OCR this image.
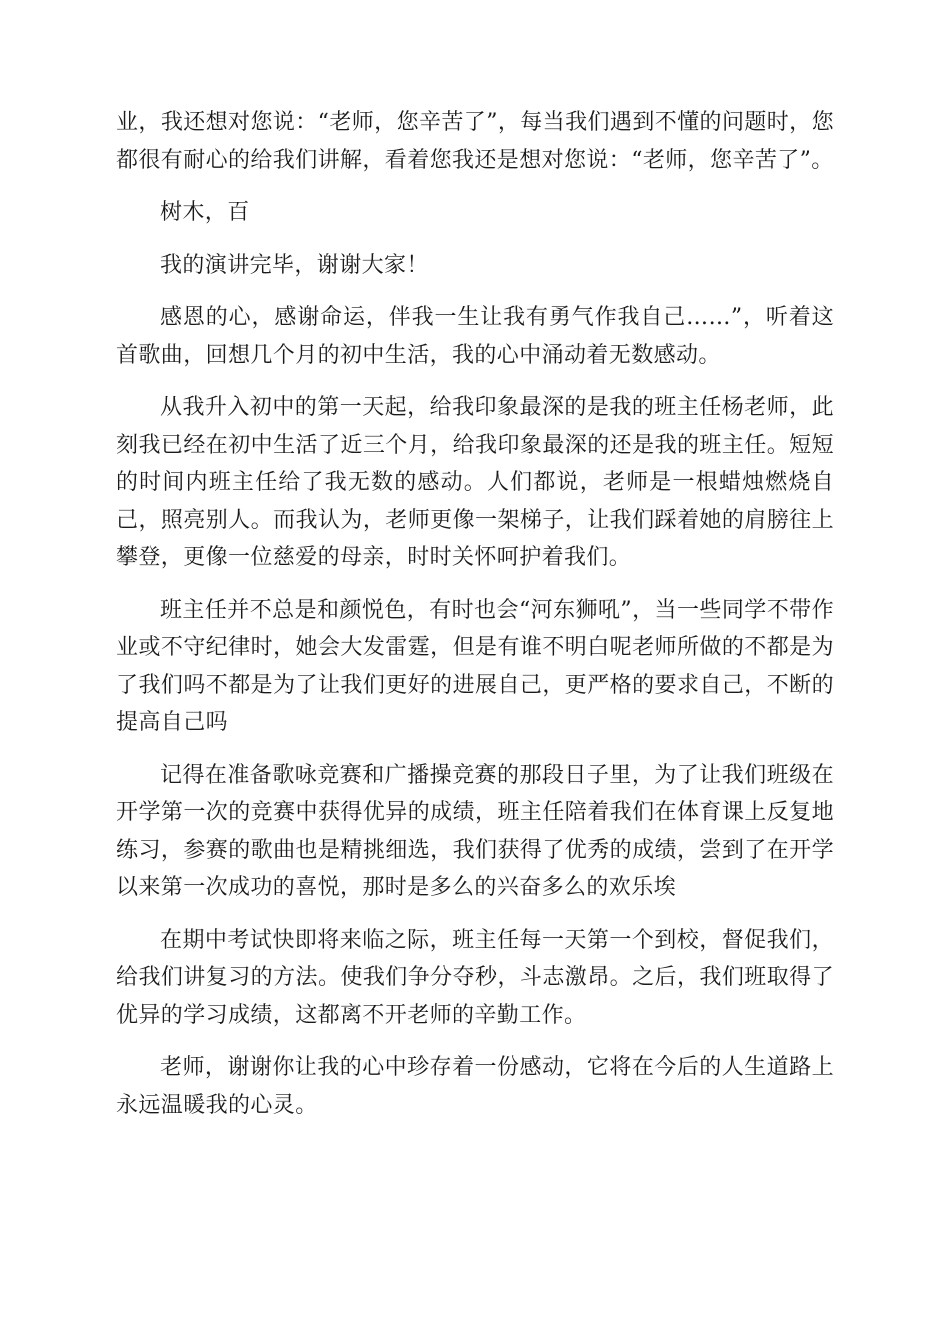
业，我还想对您说：“老师，您辛苦了”，每当我们遇到不懂的问题时，您都很有耐心的给我们讲解，看着您我还是想对您说：“老师，您辛苦了”。

树木，百

我的演讲完毕，谢谢大家！

感恩的心，感谢命运，伴我一生让我有勇气作我自己……”，听着这首歌曲，回想几个月的初中生活，我的心中涌动着无数感动。

从我升入初中的第一天起，给我印象最深的是我的班主任杨老师，此刻我已经在初中生活了近三个月，给我印象最深的还是我的班主任。短短的时间内班主任给了我无数的感动。人们都说，老师是一根蜡烛燃烧自己，照亮别人。而我认为，老师更像一架梯子，让我们踩着她的肩膀往上攀登，更像一位慈爱的母亲，时时关怀呵护着我们。

班主任并不总是和颜悦色，有时也会“河东狮吼”，当一些同学不带作业或不守纪律时，她会大发雷霆，但是有谁不明白呢老师所做的不都是为了我们吗不都是为了让我们更好的进展自己，更严格的要求自己，不断的提高自己吗

记得在准备歌咏竞赛和广播操竞赛的那段日子里，为了让我们班级在开学第一次的竞赛中获得优异的成绩，班主任陪着我们在体育课上反复地练习，参赛的歌曲也是精挑细选，我们获得了优秀的成绩，尝到了在开学以来第一次成功的喜悦，那时是多么的兴奋多么的欢乐埃

在期中考试快即将来临之际，班主任每一天第一个到校，督促我们，给我们讲复习的方法。使我们争分夺秒，斗志激昂。之后，我们班取得了优异的学习成绩，这都离不开老师的辛勤工作。

老师，谢谢你让我的心中珍存着一份感动，它将在今后的人生道路上永远温暖我的心灵。
